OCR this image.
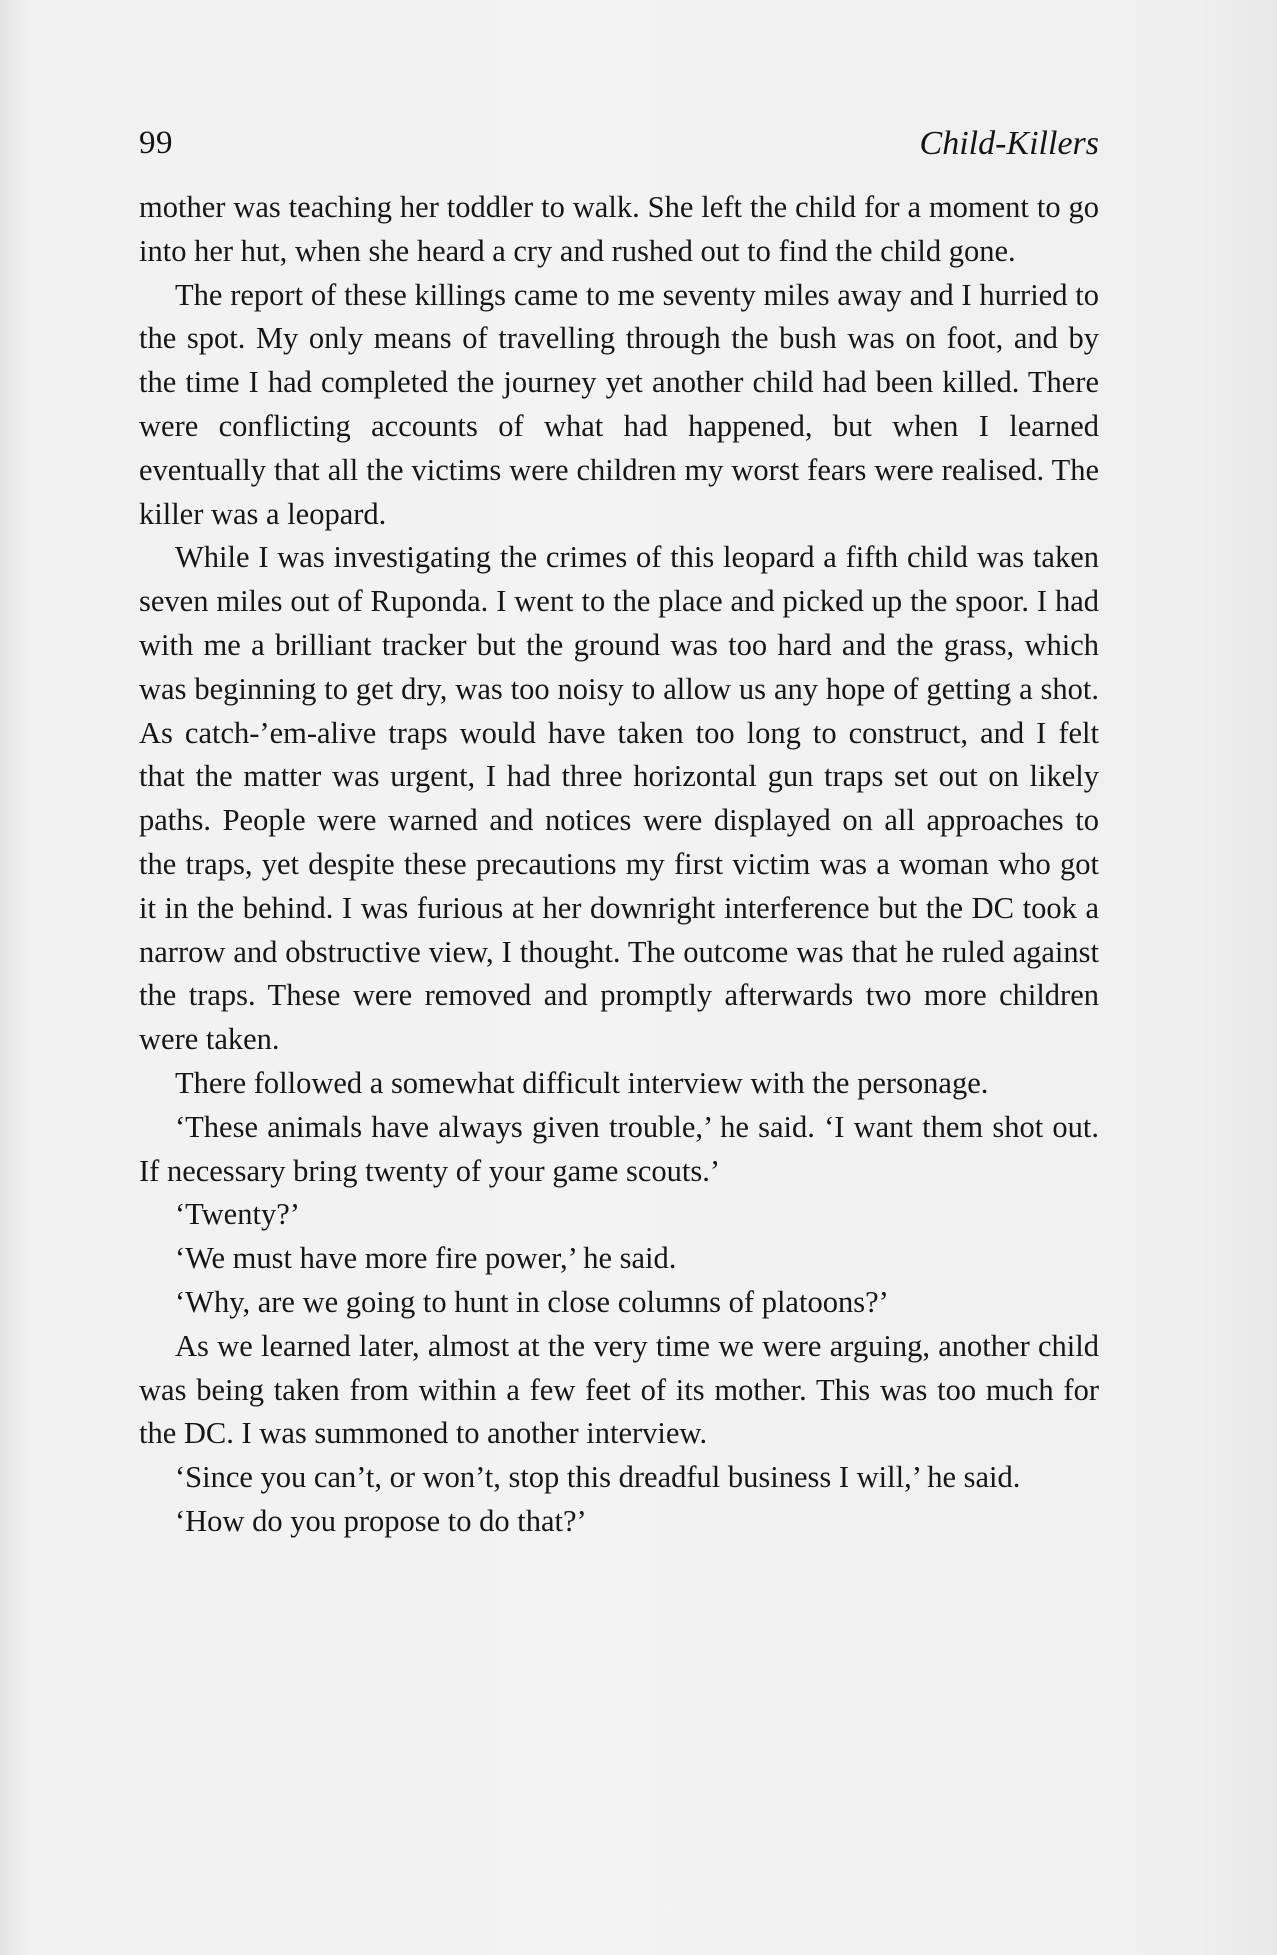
99	Child-Killers

mother was teaching her toddler to walk. She left the child for a moment to go into her hut, when she heard a cry and rushed out to find the child gone.

The report of these killings came to me seventy miles away and I hurried to the spot. My only means of travelling through the bush was on foot, and by the time I had completed the journey yet another child had been killed. There were conflicting accounts of what had happened, but when I learned eventually that all the victims were children my worst fears were realised. The killer was a leopard.

While I was investigating the crimes of this leopard a fifth child was taken seven miles out of Ruponda. I went to the place and picked up the spoor. I had with me a brilliant tracker but the ground was too hard and the grass, which was beginning to get dry, was too noisy to allow us any hope of getting a shot. As catch-’em-alive traps would have taken too long to construct, and I felt that the matter was urgent, I had three horizontal gun traps set out on likely paths. People were warned and notices were displayed on all approaches to the traps, yet despite these precautions my first victim was a woman who got it in the behind. I was furious at her downright interference but the DC took a narrow and obstructive view, I thought. The outcome was that he ruled against the traps. These were removed and promptly afterwards two more children were taken.

There followed a somewhat difficult interview with the personage.

‘These animals have always given trouble,’ he said. ‘I want them shot out. If necessary bring twenty of your game scouts.’

‘Twenty?’

‘We must have more fire power,’ he said.

‘Why, are we going to hunt in close columns of platoons?’

As we learned later, almost at the very time we were arguing, another child was being taken from within a few feet of its mother. This was too much for the DC. I was summoned to another interview.

‘Since you can’t, or won’t, stop this dreadful business I will,’ he said.

‘How do you propose to do that?’
